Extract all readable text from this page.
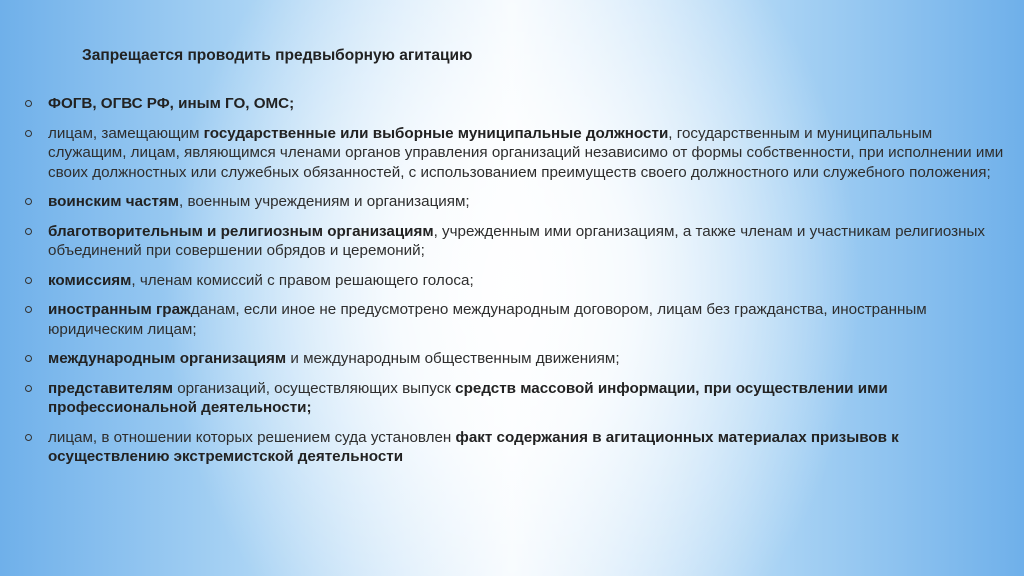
Запрещается проводить предвыборную агитацию
ФОГВ, ОГВС РФ, иным ГО, ОМС;
лицам, замещающим государственные или выборные муниципальные должности, государственным и муниципальным служащим, лицам, являющимся членами органов управления организаций независимо от формы собственности, при исполнении ими своих должностных или служебных обязанностей, с использованием преимуществ своего должностного или служебного положения;
воинским частям, военным учреждениям и организациям;
благотворительным и религиозным организациям, учрежденным ими организациям, а также членам и участникам религиозных объединений при совершении обрядов и церемоний;
комиссиям, членам комиссий с правом решающего голоса;
иностранным гражданам, если иное не предусмотрено международным договором, лицам без гражданства, иностранным юридическим лицам;
международным организациям и международным общественным движениям;
представителям организаций, осуществляющих выпуск средств массовой информации, при осуществлении ими профессиональной деятельности;
лицам, в отношении которых решением суда установлен факт содержания в агитационных материалах призывов к осуществлению экстремистской деятельности
